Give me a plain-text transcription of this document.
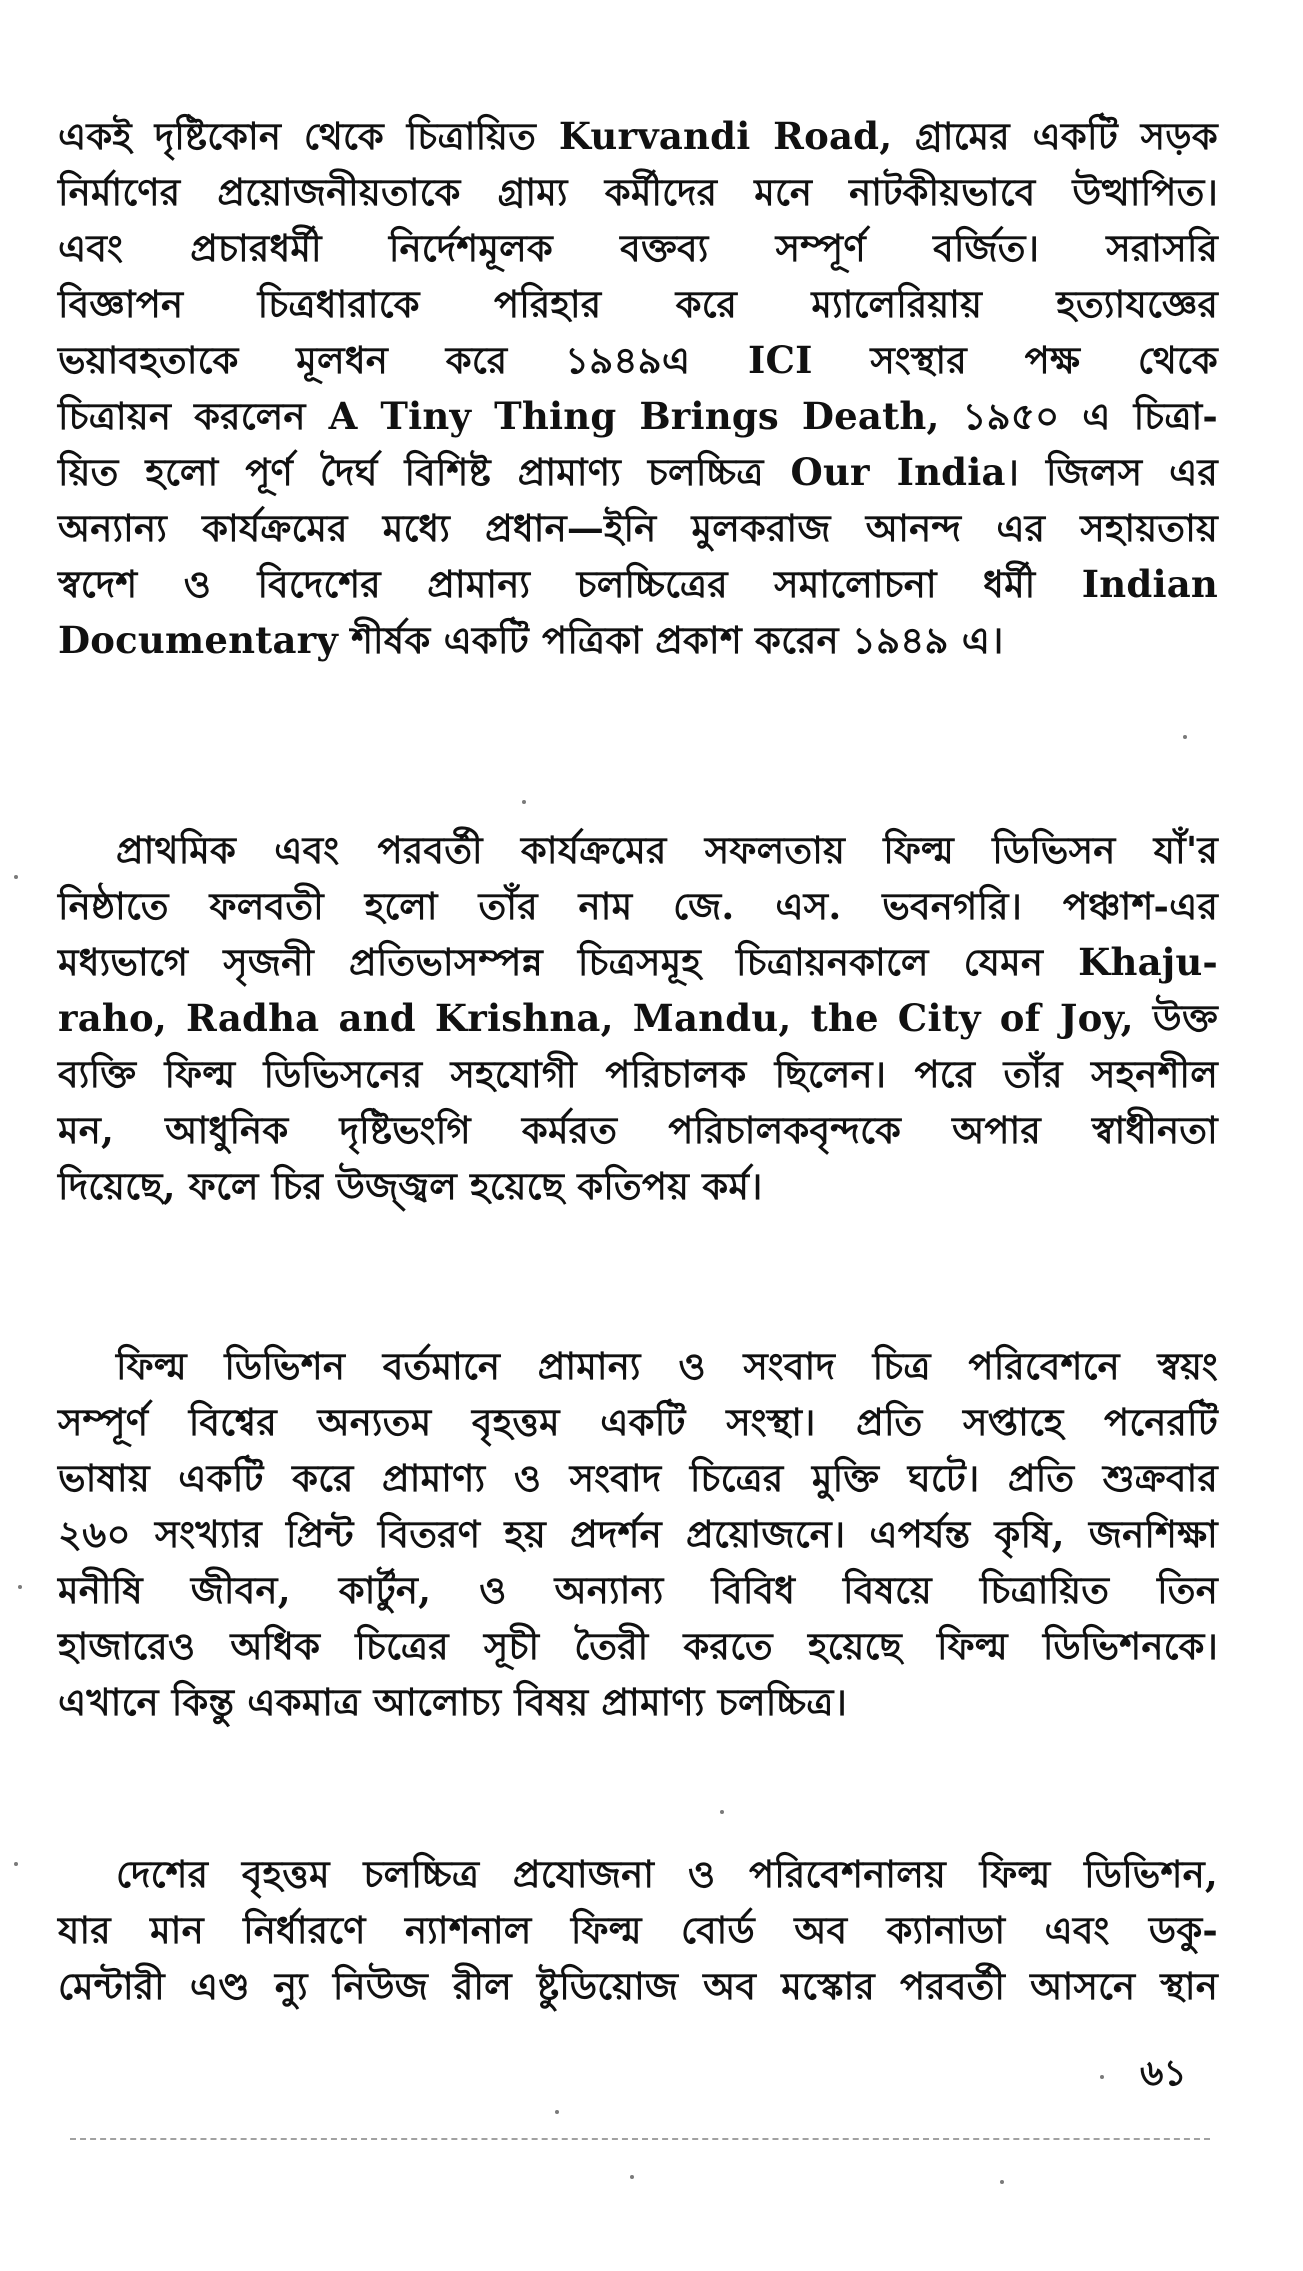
একই দৃষ্টিকোন থেকে চিত্রায়িত Kurvandi Road, গ্রামের একটি সড়ক
নির্মাণের প্রয়োজনীয়তাকে গ্রাম্য কর্মীদের মনে নাটকীয়ভাবে উত্থাপিত।
এবং প্রচারধর্মী নির্দেশমূলক বক্তব্য সম্পূর্ণ বর্জিত। সরাসরি
বিজ্ঞাপন চিত্রধারাকে পরিহার করে ম্যালেরিয়ায় হত্যাযজ্ঞের
ভয়াবহতাকে মূলধন করে ১৯৪৯এ ICI সংস্থার পক্ষ থেকে
চিত্রায়ন করলেন A Tiny Thing Brings Death, ১৯৫০ এ চিত্রা-
য়িত হলো পূর্ণ দৈর্ঘ বিশিষ্ট প্রামাণ্য চলচ্চিত্র Our India। জিলস এর
অন্যান্য কার্যক্রমের মধ্যে প্রধান—ইনি মুলকরাজ আনন্দ এর সহায়তায়
স্বদেশ ও বিদেশের প্রামান্য চলচ্চিত্রের সমালোচনা ধর্মী Indian
Documentary শীর্ষক একটি পত্রিকা প্রকাশ করেন ১৯৪৯ এ।
প্রাথমিক এবং পরবর্তী কার্যক্রমের সফলতায় ফিল্ম ডিভিসন যাঁ'র
নিষ্ঠাতে ফলবতী হলো তাঁর নাম জে. এস. ভবনগরি। পঞ্চাশ-এর
মধ্যভাগে সৃজনী প্রতিভাসম্পন্ন চিত্রসমূহ চিত্রায়নকালে যেমন Khaju-
raho, Radha and Krishna, Mandu, the City of Joy, উক্ত
ব্যক্তি ফিল্ম ডিভিসনের সহযোগী পরিচালক ছিলেন। পরে তাঁর সহনশীল
মন, আধুনিক দৃষ্টিভংগি কর্মরত পরিচালকবৃন্দকে অপার স্বাধীনতা
দিয়েছে, ফলে চির উজ্জ্বল হয়েছে কতিপয় কর্ম।
ফিল্ম ডিভিশন বর্তমানে প্রামান্য ও সংবাদ চিত্র পরিবেশনে স্বয়ং
সম্পূর্ণ বিশ্বের অন্যতম বৃহত্তম একটি সংস্থা। প্রতি সপ্তাহে পনেরটি
ভাষায় একটি করে প্রামাণ্য ও সংবাদ চিত্রের মুক্তি ঘটে। প্রতি শুক্রবার
২৬০ সংখ্যার প্রিন্ট বিতরণ হয় প্রদর্শন প্রয়োজনে। এপর্যন্ত কৃষি, জনশিক্ষা
মনীষি জীবন, কার্টুন, ও অন্যান্য বিবিধ বিষয়ে চিত্রায়িত তিন
হাজারেও অধিক চিত্রের সূচী তৈরী করতে হয়েছে ফিল্ম ডিভিশনকে।
এখানে কিন্তু একমাত্র আলোচ্য বিষয় প্রামাণ্য চলচ্চিত্র।
দেশের বৃহত্তম চলচ্চিত্র প্রযোজনা ও পরিবেশনালয় ফিল্ম ডিভিশন,
যার মান নির্ধারণে ন্যাশনাল ফিল্ম বোর্ড অব ক্যানাডা এবং ডকু-
মেন্টারী এণ্ড ন্যু নিউজ রীল ষ্টুডিয়োজ অব মস্কোর পরবর্তী আসনে স্থান
৬১
